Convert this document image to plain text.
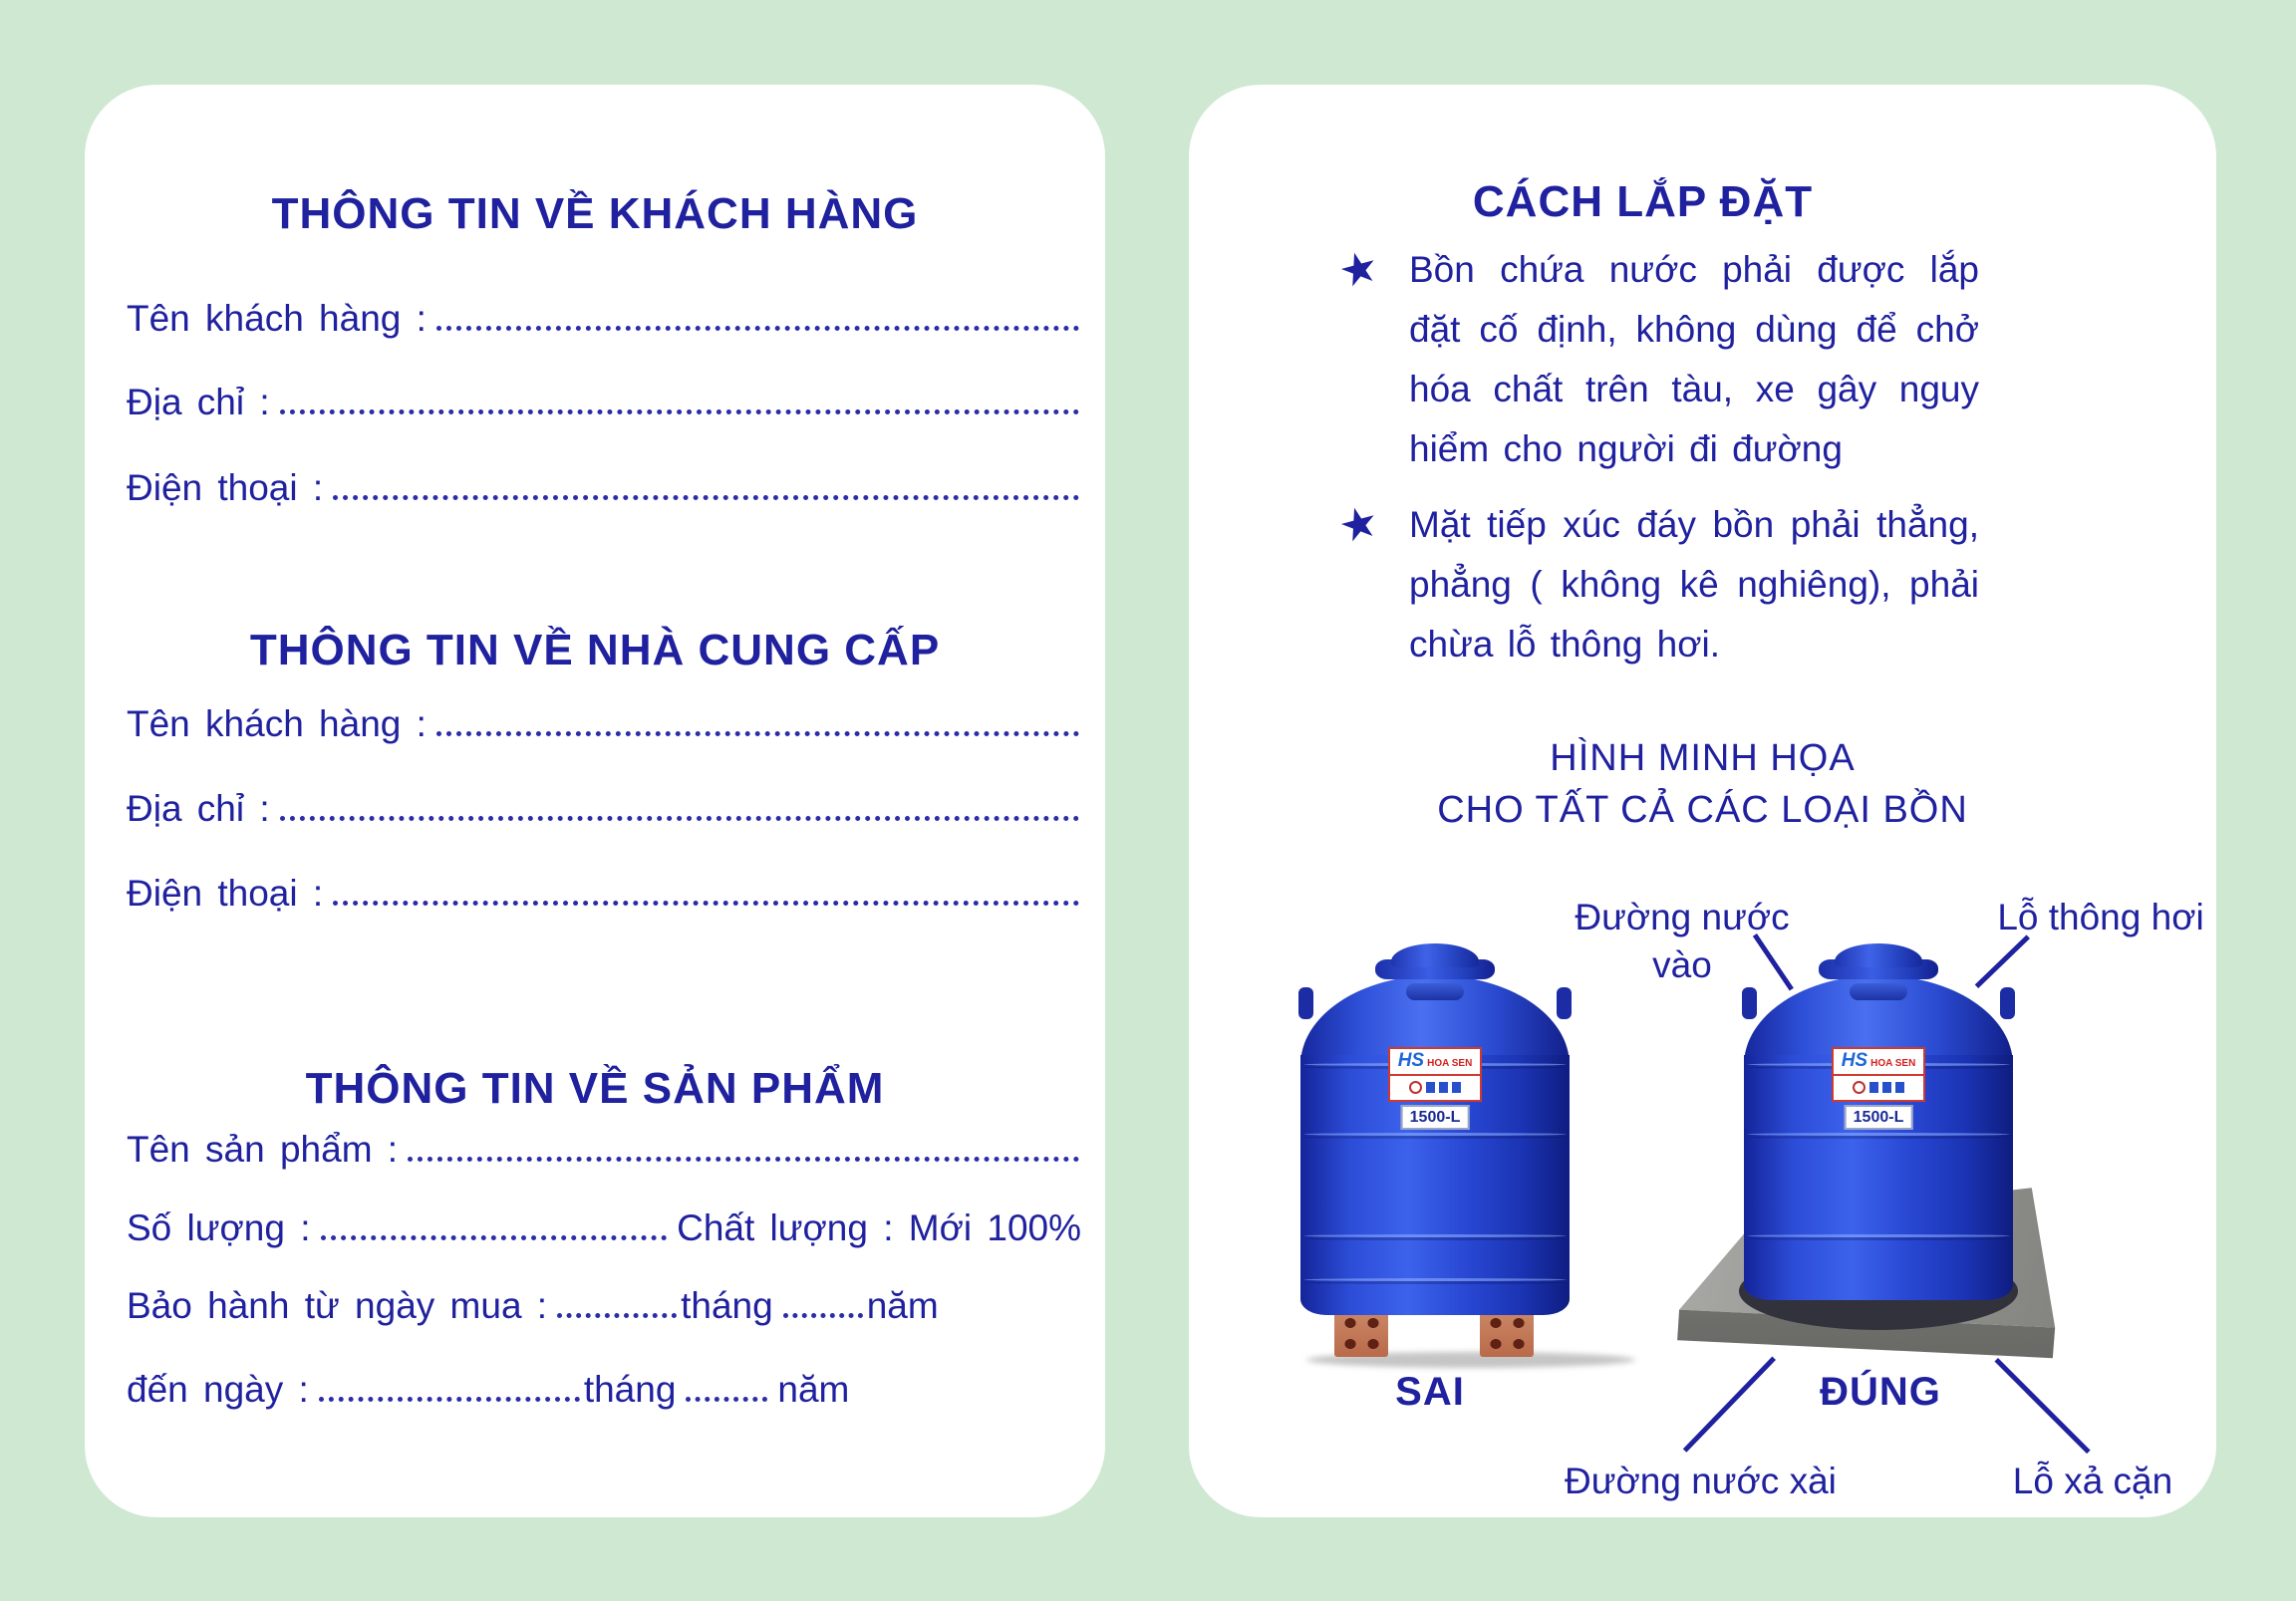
THÔNG TIN VỀ KHÁCH HÀNG
Tên khách hàng :
Địa chỉ :
Điện thoại :
THÔNG TIN VỀ NHÀ CUNG CẤP
Tên khách hàng :
Địa chỉ :
Điện thoại :
THÔNG TIN VỀ SẢN PHẨM
Tên sản phẩm :
Số lượng :	Chất lượng : Mới 100%
Bảo hành từ ngày mua :	tháng	năm
đến ngày :	tháng	năm
CÁCH LẮP ĐẶT
★ Bồn chứa nước phải được lắp đặt cố định, không dùng để chở hóa chất trên tàu, xe gây nguy hiểm cho người đi đường
★ Mặt tiếp xúc đáy bồn phải thẳng, phẳng ( không kê nghiêng), phải chừa lỗ thông hơi.
HÌNH MINH HỌA
CHO TẤT CẢ CÁC LOẠI BỒN
Đường nước
vào
Lỗ thông hơi
HS HOA SEN
1500-L
SAI
HS HOA SEN
1500-L
ĐÚNG
Đường nước xài	Lỗ xả cặn
